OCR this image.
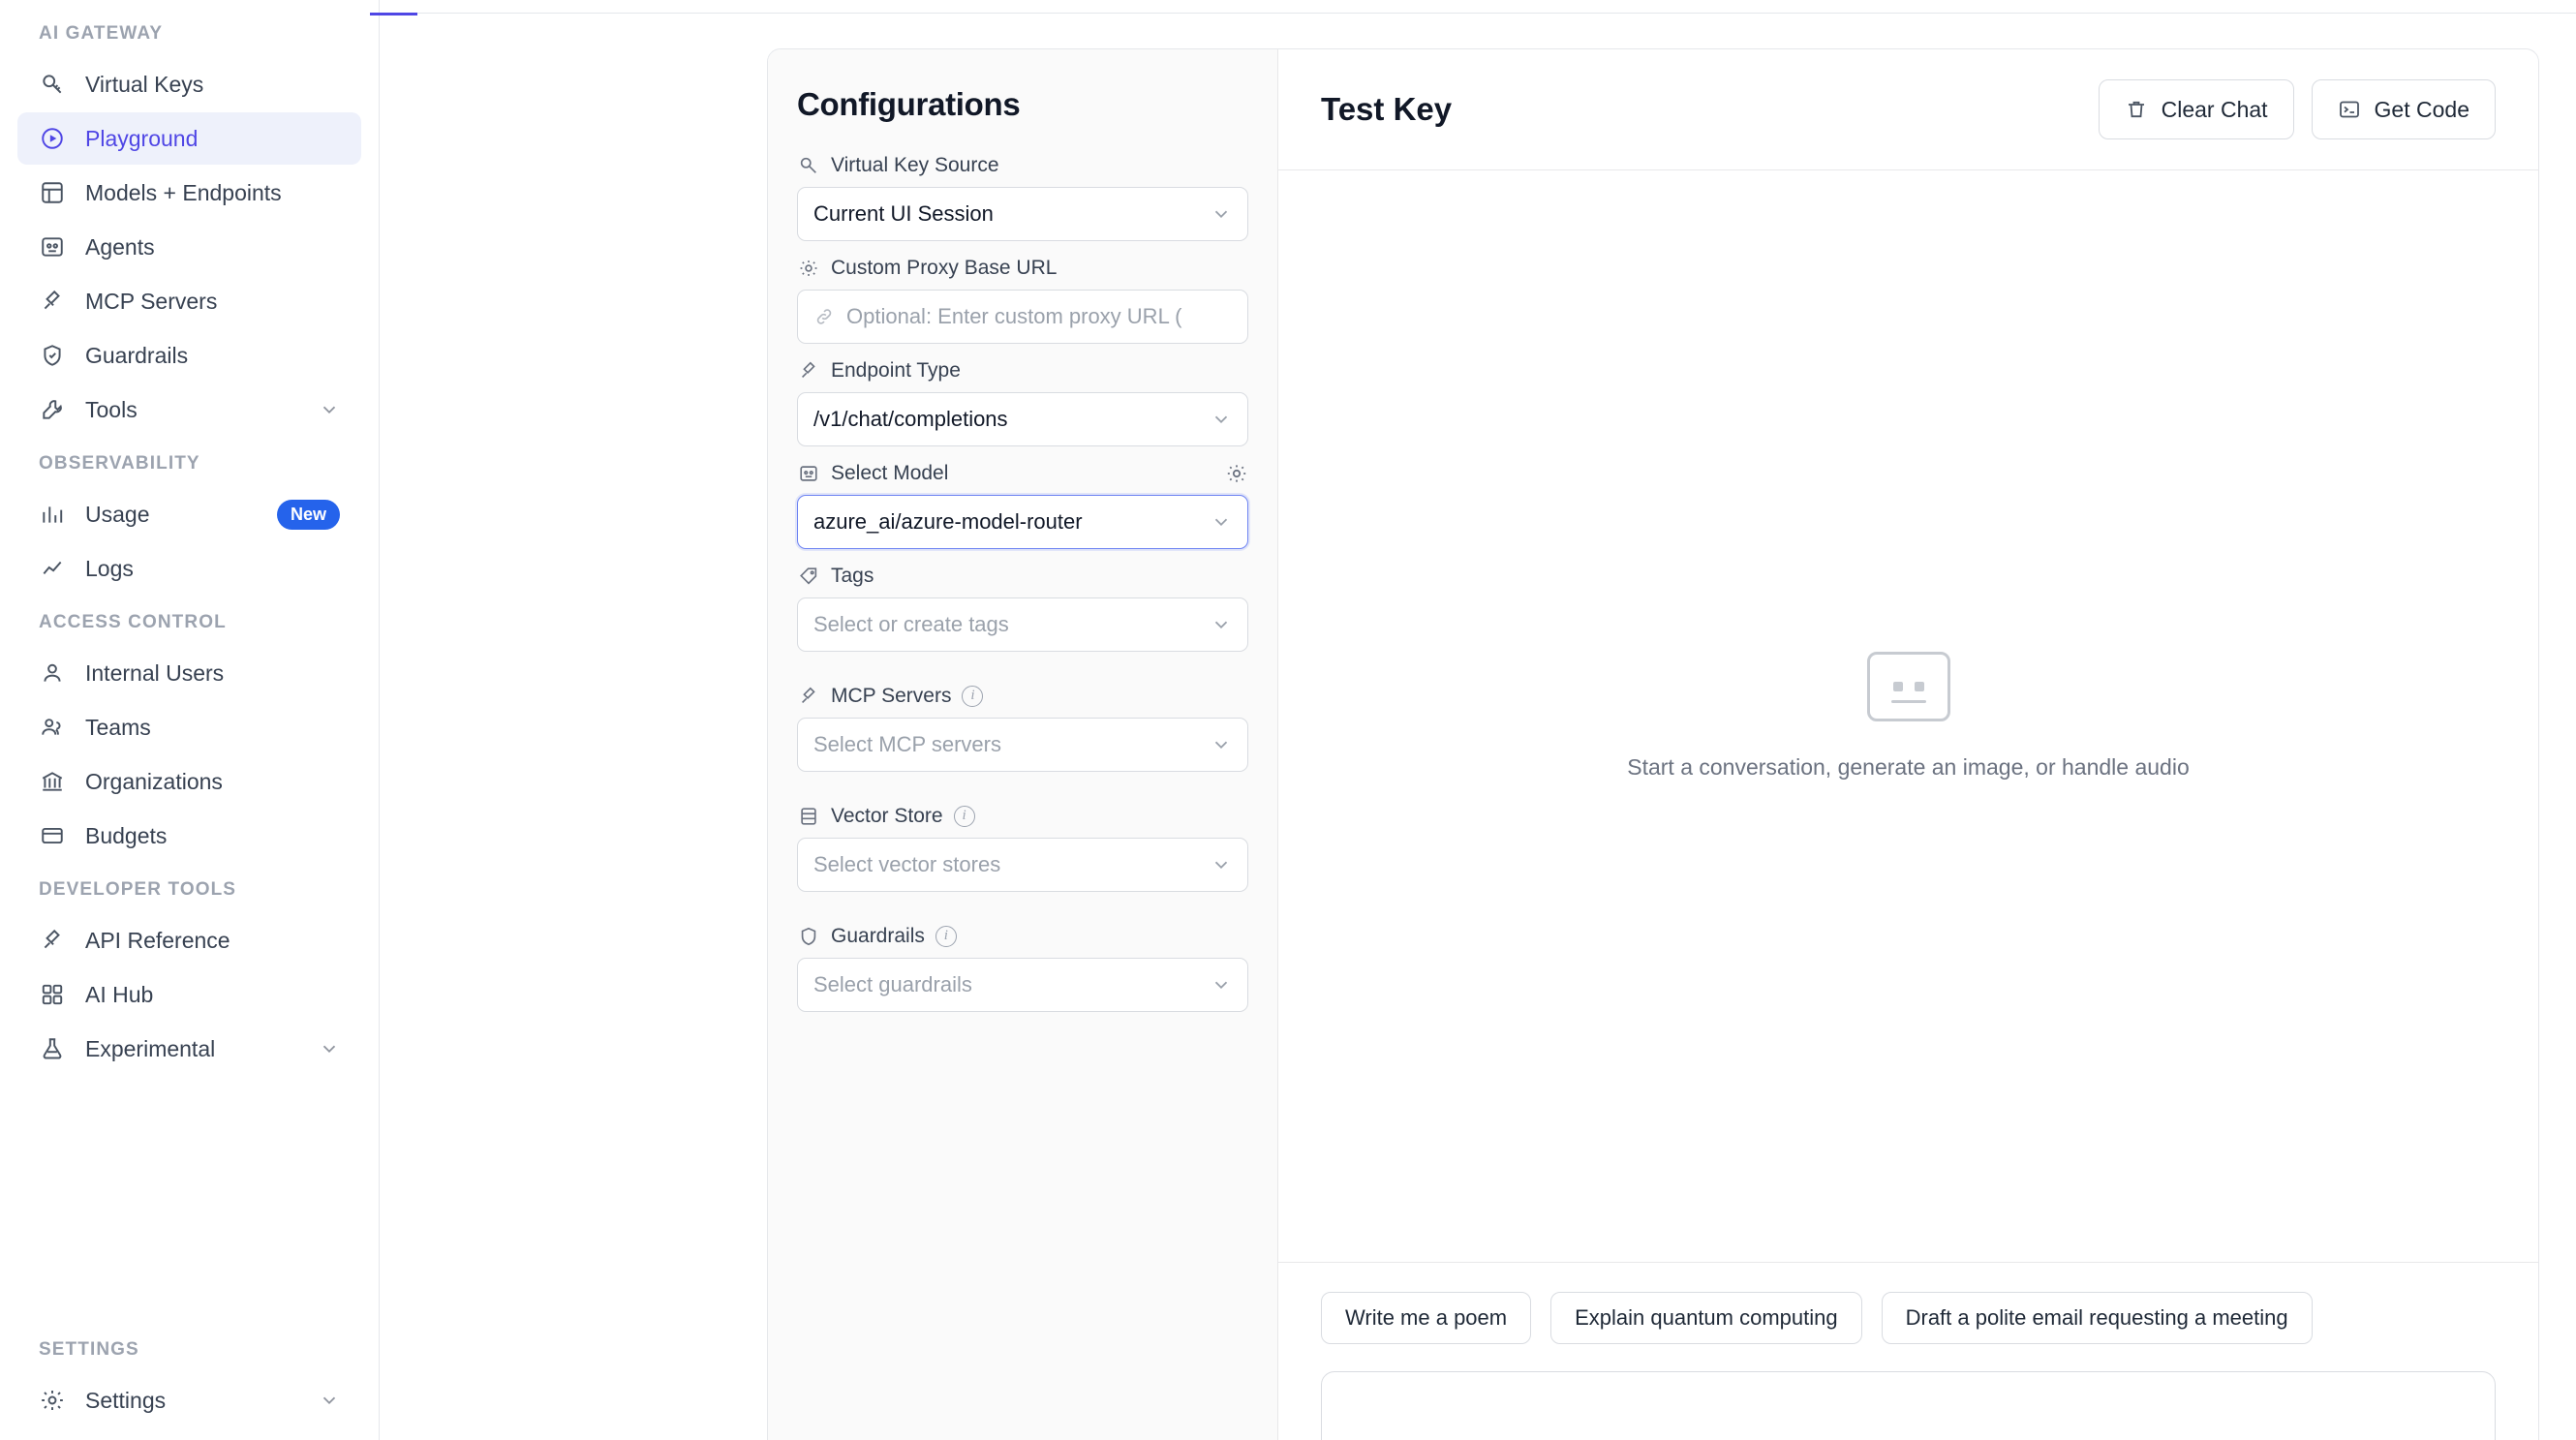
AI GATEWAY
Virtual Keys
Playground
Models + Endpoints
Agents
MCP Servers
Guardrails
Tools
OBSERVABILITY
Usage	New
Logs
ACCESS CONTROL
Internal Users
Teams
Organizations
Budgets
DEVELOPER TOOLS
API Reference
AI Hub
Experimental
SETTINGS
Settings
Configurations
Virtual Key Source
Current UI Session
Custom Proxy Base URL
Optional: Enter custom proxy URL (
Endpoint Type
/v1/chat/completions
Select Model
azure_ai/azure-model-router
Tags
Select or create tags
MCP Servers	i
Select MCP servers
Vector Store	i
Select vector stores
Guardrails	i
Select guardrails
Test Key	Clear Chat	Get Code
Start a conversation, generate an image, or handle audio
Write me a poem	Explain quantum computing	Draft a polite email requesting a meeting
